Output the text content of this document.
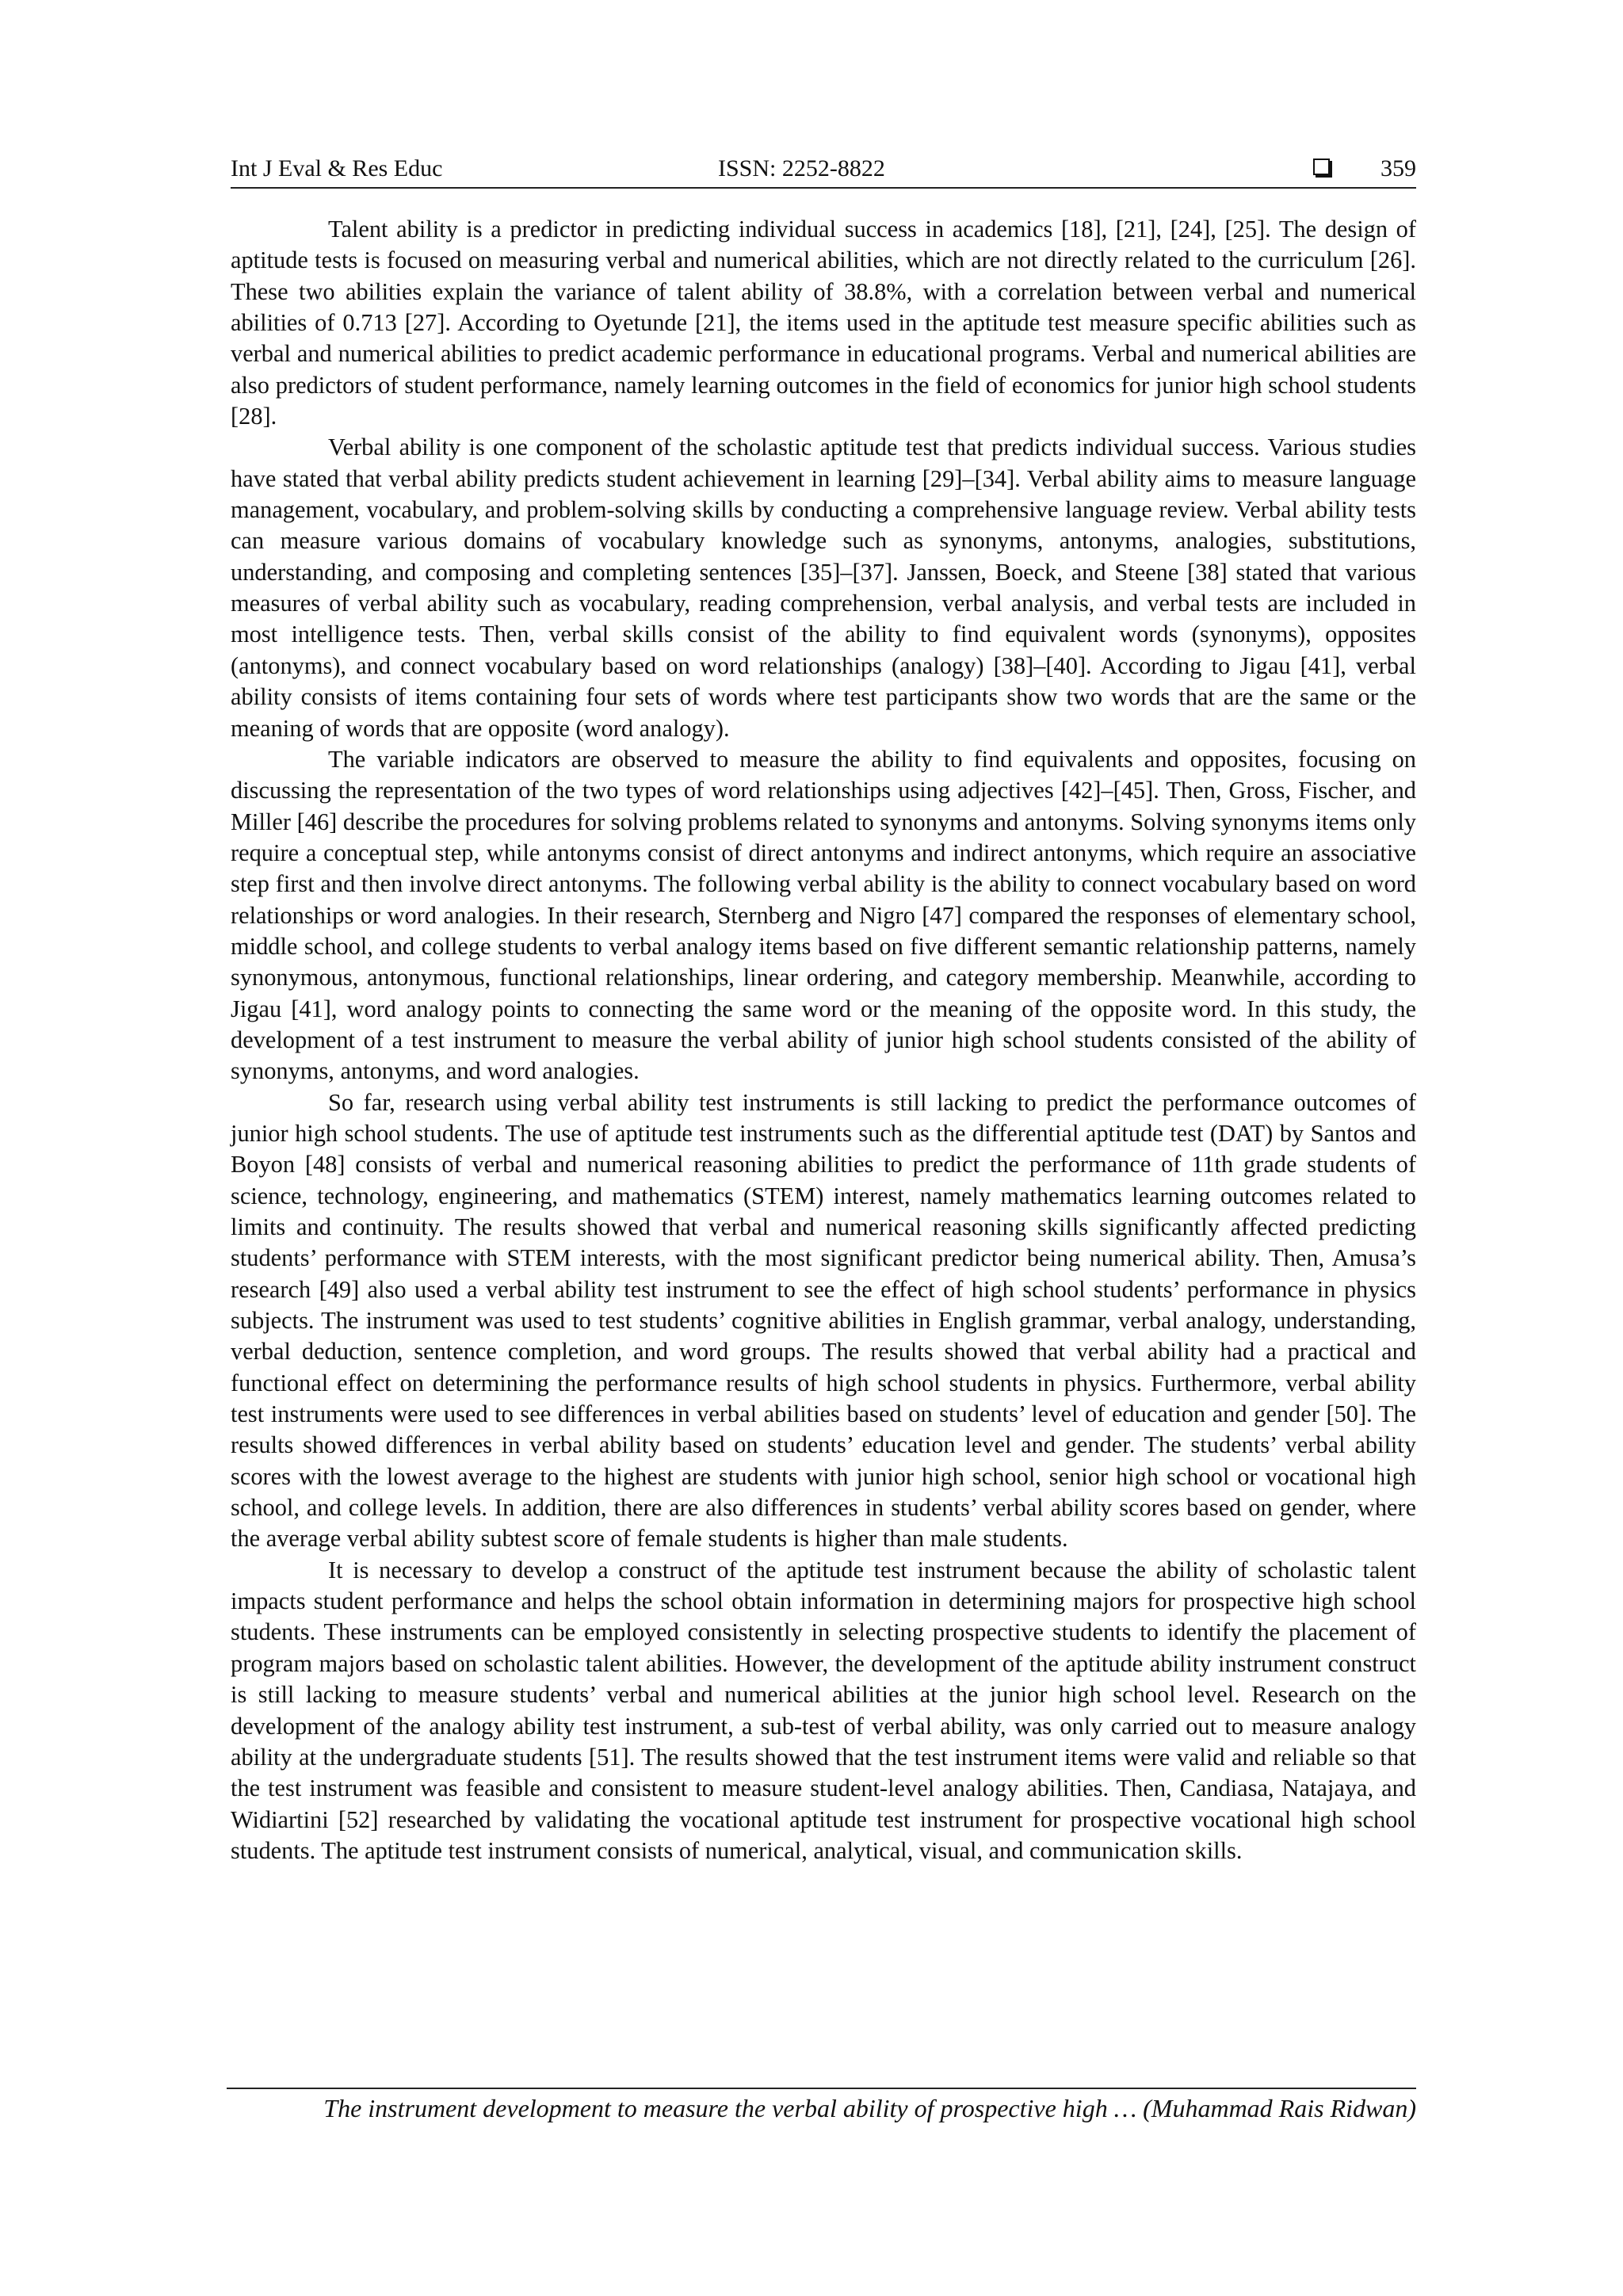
Int J Eval & Res Educ	ISSN: 2252-8822	359

Talent ability is a predictor in predicting individual success in academics [18], [21], [24], [25]. The design of aptitude tests is focused on measuring verbal and numerical abilities, which are not directly related to the curriculum [26]. These two abilities explain the variance of talent ability of 38.8%, with a correlation between verbal and numerical abilities of 0.713 [27]. According to Oyetunde [21], the items used in the aptitude test measure specific abilities such as verbal and numerical abilities to predict academic performance in educational programs. Verbal and numerical abilities are also predictors of student performance, namely learning outcomes in the field of economics for junior high school students [28].

Verbal ability is one component of the scholastic aptitude test that predicts individual success. Various studies have stated that verbal ability predicts student achievement in learning [29]–[34]. Verbal ability aims to measure language management, vocabulary, and problem-solving skills by conducting a comprehensive language review. Verbal ability tests can measure various domains of vocabulary knowledge such as synonyms, antonyms, analogies, substitutions, understanding, and composing and completing sentences [35]–[37]. Janssen, Boeck, and Steene [38] stated that various measures of verbal ability such as vocabulary, reading comprehension, verbal analysis, and verbal tests are included in most intelligence tests. Then, verbal skills consist of the ability to find equivalent words (synonyms), opposites (antonyms), and connect vocabulary based on word relationships (analogy) [38]–[40]. According to Jigau [41], verbal ability consists of items containing four sets of words where test participants show two words that are the same or the meaning of words that are opposite (word analogy).

The variable indicators are observed to measure the ability to find equivalents and opposites, focusing on discussing the representation of the two types of word relationships using adjectives [42]–[45]. Then, Gross, Fischer, and Miller [46] describe the procedures for solving problems related to synonyms and antonyms. Solving synonyms items only require a conceptual step, while antonyms consist of direct antonyms and indirect antonyms, which require an associative step first and then involve direct antonyms. The following verbal ability is the ability to connect vocabulary based on word relationships or word analogies. In their research, Sternberg and Nigro [47] compared the responses of elementary school, middle school, and college students to verbal analogy items based on five different semantic relationship patterns, namely synonymous, antonymous, functional relationships, linear ordering, and category membership. Meanwhile, according to Jigau [41], word analogy points to connecting the same word or the meaning of the opposite word. In this study, the development of a test instrument to measure the verbal ability of junior high school students consisted of the ability of synonyms, antonyms, and word analogies.

So far, research using verbal ability test instruments is still lacking to predict the performance outcomes of junior high school students. The use of aptitude test instruments such as the differential aptitude test (DAT) by Santos and Boyon [48] consists of verbal and numerical reasoning abilities to predict the performance of 11th grade students of science, technology, engineering, and mathematics (STEM) interest, namely mathematics learning outcomes related to limits and continuity. The results showed that verbal and numerical reasoning skills significantly affected predicting students’ performance with STEM interests, with the most significant predictor being numerical ability. Then, Amusa’s research [49] also used a verbal ability test instrument to see the effect of high school students’ performance in physics subjects. The instrument was used to test students’ cognitive abilities in English grammar, verbal analogy, understanding, verbal deduction, sentence completion, and word groups. The results showed that verbal ability had a practical and functional effect on determining the performance results of high school students in physics. Furthermore, verbal ability test instruments were used to see differences in verbal abilities based on students’ level of education and gender [50]. The results showed differences in verbal ability based on students’ education level and gender. The students’ verbal ability scores with the lowest average to the highest are students with junior high school, senior high school or vocational high school, and college levels. In addition, there are also differences in students’ verbal ability scores based on gender, where the average verbal ability subtest score of female students is higher than male students.

It is necessary to develop a construct of the aptitude test instrument because the ability of scholastic talent impacts student performance and helps the school obtain information in determining majors for prospective high school students. These instruments can be employed consistently in selecting prospective students to identify the placement of program majors based on scholastic talent abilities. However, the development of the aptitude ability instrument construct is still lacking to measure students’ verbal and numerical abilities at the junior high school level. Research on the development of the analogy ability test instrument, a sub-test of verbal ability, was only carried out to measure analogy ability at the undergraduate students [51]. The results showed that the test instrument items were valid and reliable so that the test instrument was feasible and consistent to measure student-level analogy abilities. Then, Candiasa, Natajaya, and Widiartini [52] researched by validating the vocational aptitude test instrument for prospective vocational high school students. The aptitude test instrument consists of numerical, analytical, visual, and communication skills.

The instrument development to measure the verbal ability of prospective high … (Muhammad Rais Ridwan)
